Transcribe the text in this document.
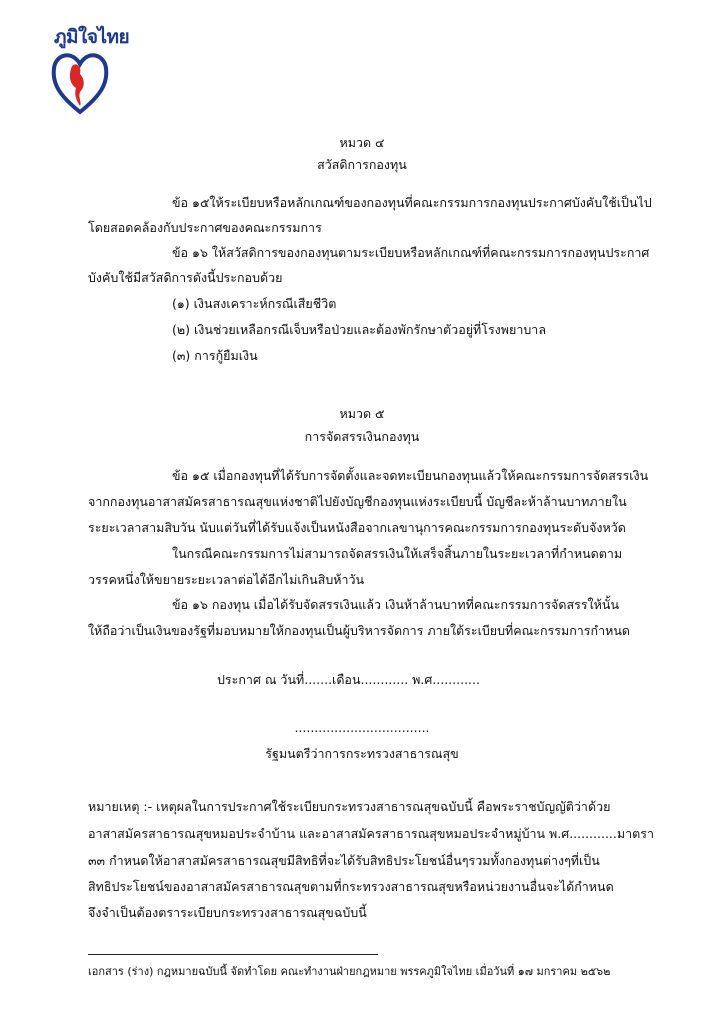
ภูมิใจไทย
หมวด ๔
สวัสดิการกองทุน
ข้อ ๑๕ให้ระเบียบหรือหลักเกณฑ์ของกองทุนที่คณะกรรมการกองทุนประกาศบังคับใช้เป็นไป
โดยสอดคล้องกับประกาศของคณะกรรมการ
ข้อ ๑๖ ให้สวัสดิการของกองทุนตามระเบียบหรือหลักเกณฑ์ที่คณะกรรมการกองทุนประกาศ
บังคับใช้มีสวัสดิการดังนี้ประกอบด้วย
(๑) เงินสงเคราะห์กรณีเสียชีวิต
(๒) เงินช่วยเหลือกรณีเจ็บหรือป่วยและต้องพักรักษาตัวอยู่ที่โรงพยาบาล
(๓) การกู้ยืมเงิน
หมวด ๕
การจัดสรรเงินกองทุน
ข้อ ๑๕ เมื่อกองทุนที่ได้รับการจัดตั้งและจดทะเบียนกองทุนแล้วให้คณะกรรมการจัดสรรเงิน
จากกองทุนอาสาสมัครสาธารณสุขแห่งชาติไปยังบัญชีกองทุนแห่งระเบียบนี้ บัญชีละห้าล้านบาทภายใน
ระยะเวลาสามสิบวัน นับแต่วันที่ได้รับแจ้งเป็นหนังสือจากเลขานุการคณะกรรมการกองทุนระดับจังหวัด
ในกรณีคณะกรรมการไม่สามารถจัดสรรเงินให้เสร็จสิ้นภายในระยะเวลาที่กำหนดตาม
วรรคหนึ่งให้ขยายระยะเวลาต่อได้อีกไม่เกินสิบห้าวัน
ข้อ ๑๖ กองทุน เมื่อได้รับจัดสรรเงินแล้ว เงินห้าล้านบาทที่คณะกรรมการจัดสรรให้นั้น
ให้ถือว่าเป็นเงินของรัฐที่มอบหมายให้กองทุนเป็นผู้บริหารจัดการ ภายใต้ระเบียบที่คณะกรรมการกำหนด
ประกาศ ณ วันที่.......เดือน............ พ.ศ............
..................................
รัฐมนตรีว่าการกระทรวงสาธารณสุข
หมายเหตุ :- เหตุผลในการประกาศใช้ระเบียบกระทรวงสาธารณสุขฉบับนี้ คือพระราชบัญญัติว่าด้วย
อาสาสมัครสาธารณสุขหมอประจำบ้าน และอาสาสมัครสาธารณสุขหมอประจำหมู่บ้าน พ.ศ............มาตรา
๓๓ กำหนดให้อาสาสมัครสาธารณสุขมีสิทธิที่จะได้รับสิทธิประโยชน์อื่นๆรวมทั้งกองทุนต่างๆที่เป็น
สิทธิประโยชน์ของอาสาสมัครสาธารณสุขตามที่กระทรวงสาธารณสุขหรือหน่วยงานอื่นจะได้กำหนด
จึงจำเป็นต้องตราระเบียบกระทรวงสาธารณสุขฉบับนี้
เอกสาร (ร่าง) กฎหมายฉบับนี้ จัดทำโดย คณะทำงานฝ่ายกฎหมาย พรรคภูมิใจไทย เมื่อวันที่ ๑๗ มกราคม ๒๕๖๒
